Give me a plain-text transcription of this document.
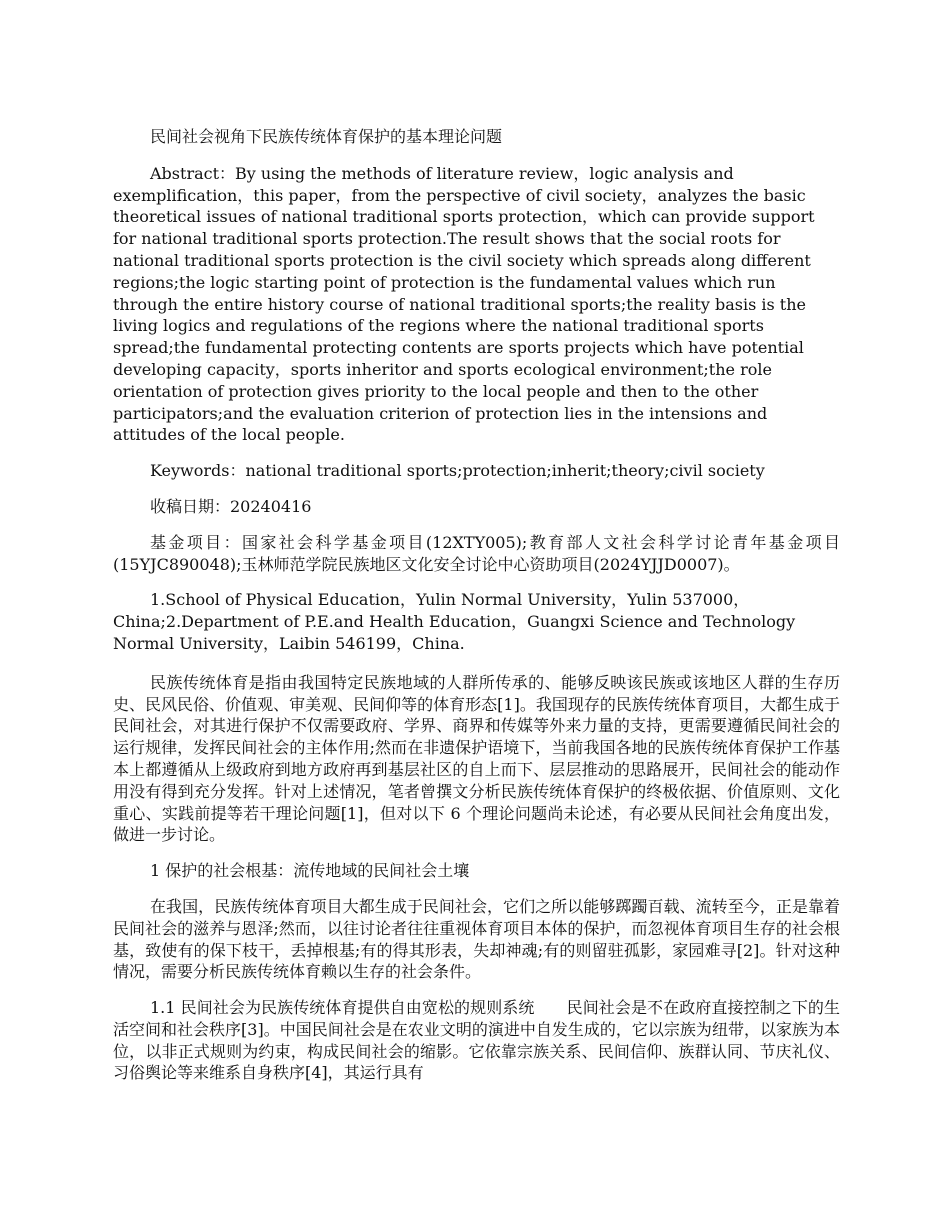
民间社会视角下民族传统体育保护的基本理论问题

Abstract：By using the methods of literature review，logic analysis and exemplification，this paper，from the perspective of civil society，analyzes the basic theoretical issues of national traditional sports protection，which can provide support for national traditional sports protection.The result shows that the social roots for national traditional sports protection is the civil society which spreads along different regions;the logic starting point of protection is the fundamental values which run through the entire history course of national traditional sports;the reality basis is the living logics and regulations of the regions where the national traditional sports spread;the fundamental protecting contents are sports projects which have potential developing capacity，sports inheritor and sports ecological environment;the role orientation of protection gives priority to the local people and then to the other participators;and the evaluation criterion of protection lies in the intensions and attitudes of the local people.

Keywords：national traditional sports;protection;inherit;theory;civil society

收稿日期：20240416

基金项目：国家社会科学基金项目(12XTY005);教育部人文社会科学讨论青年基金项目(15YJC890048);玉林师范学院民族地区文化安全讨论中心资助项目(2024YJJD0007)。

1.School of Physical Education，Yulin Normal University，Yulin 537000，China;2.Department of P.E.and Health Education，Guangxi Science and Technology Normal University，Laibin 546199，China.

民族传统体育是指由我国特定民族地域的人群所传承的、能够反映该民族或该地区人群的生存历史、民风民俗、价值观、审美观、民间仰等的体育形态[1]。我国现存的民族传统体育项目，大都生成于民间社会，对其进行保护不仅需要政府、学界、商界和传媒等外来力量的支持，更需要遵循民间社会的运行规律，发挥民间社会的主体作用;然而在非遗保护语境下，当前我国各地的民族传统体育保护工作基本上都遵循从上级政府到地方政府再到基层社区的自上而下、层层推动的思路展开，民间社会的能动作用没有得到充分发挥。针对上述情况，笔者曾撰文分析民族传统体育保护的终极依据、价值原则、文化重心、实践前提等若干理论问题[1]，但对以下 6 个理论问题尚未论述，有必要从民间社会角度出发，做进一步讨论。

1 保护的社会根基：流传地域的民间社会土壤

在我国，民族传统体育项目大都生成于民间社会，它们之所以能够踯躅百载、流转至今，正是靠着民间社会的滋养与恩泽;然而，以往讨论者往往重视体育项目本体的保护，而忽视体育项目生存的社会根基，致使有的保下枝干，丢掉根基;有的得其形表，失却神魂;有的则留驻孤影，家园难寻[2]。针对这种情况，需要分析民族传统体育赖以生存的社会条件。

1.1 民间社会为民族传统体育提供自由宽松的规则系统　　民间社会是不在政府直接控制之下的生活空间和社会秩序[3]。中国民间社会是在农业文明的演进中自发生成的，它以宗族为纽带，以家族为本位，以非正式规则为约束，构成民间社会的缩影。它依靠宗族关系、民间信仰、族群认同、节庆礼仪、习俗舆论等来维系自身秩序[4]，其运行具有
